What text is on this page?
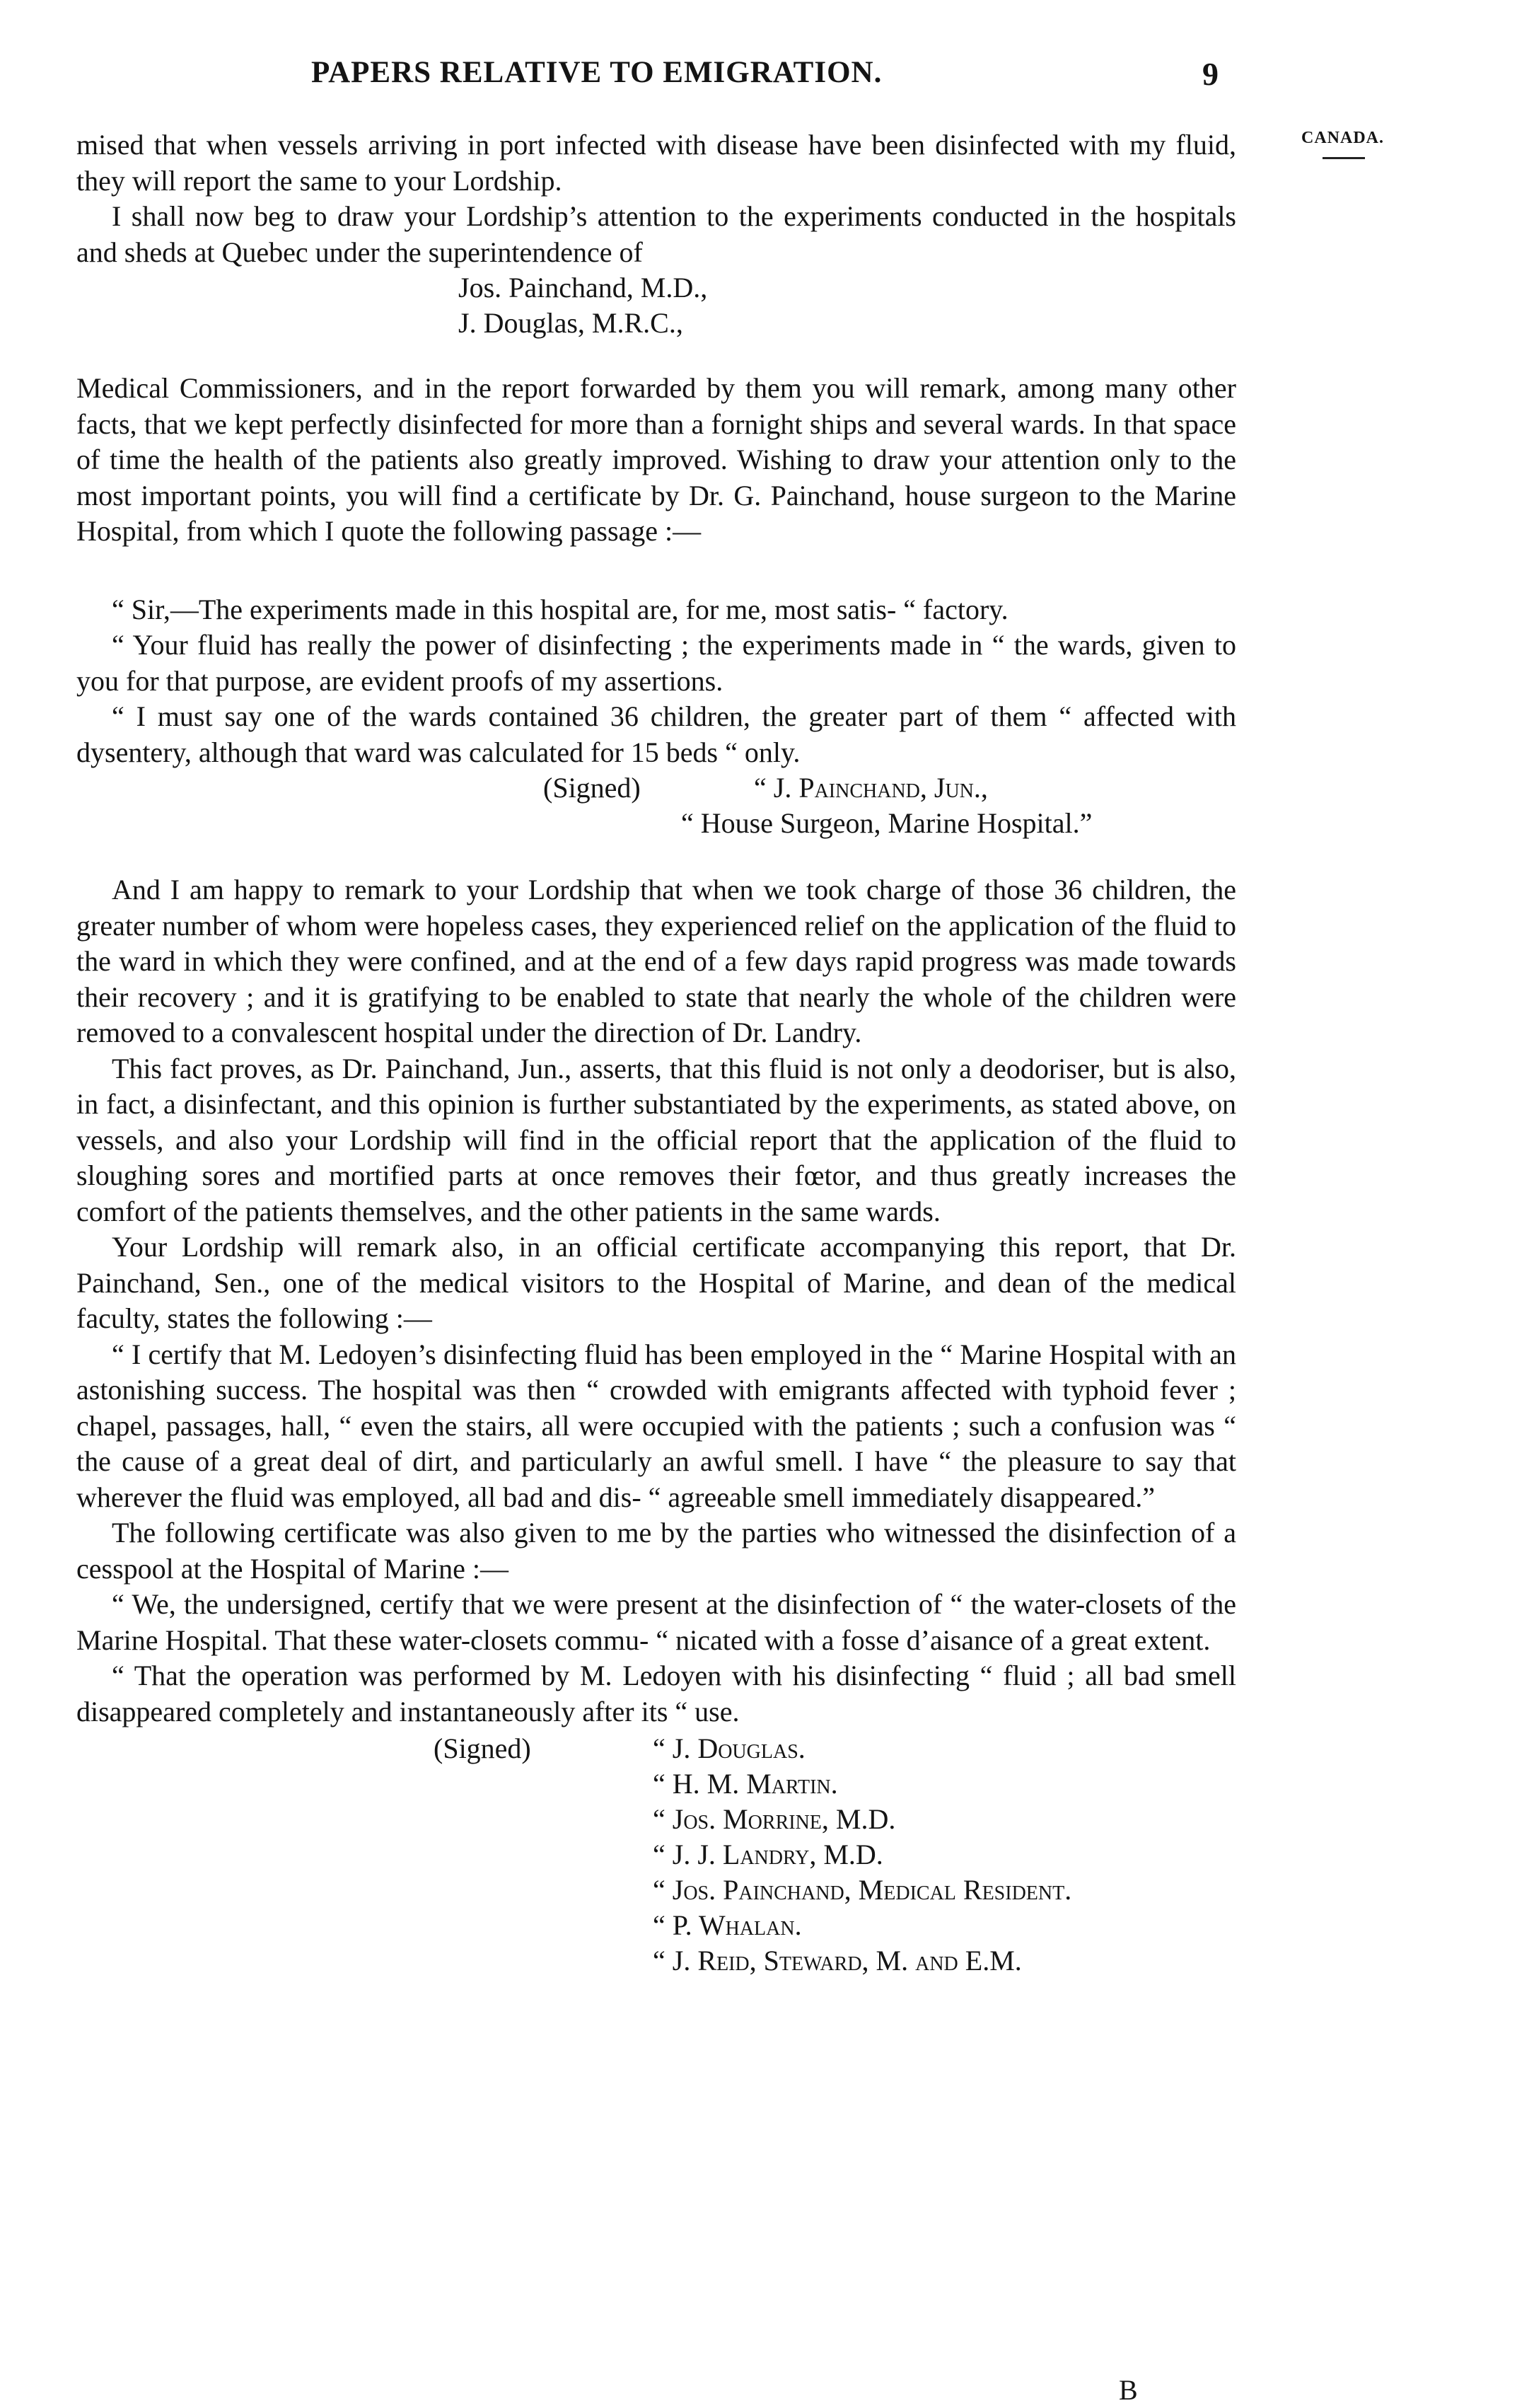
PAPERS RELATIVE TO EMIGRATION.	9
CANADA.

mised that when vessels arriving in port infected with disease have been disinfected with my fluid, they will report the same to your Lordship.

I shall now beg to draw your Lordship’s attention to the experiments conducted in the hospitals and sheds at Quebec under the superintendence of

Jos. Painchand, M.D.,
J. Douglas, M.R.C.,

Medical Commissioners, and in the report forwarded by them you will remark, among many other facts, that we kept perfectly disinfected for more than a fornight ships and several wards. In that space of time the health of the patients also greatly improved. Wishing to draw your attention only to the most important points, you will find a certificate by Dr. G. Painchand, house surgeon to the Marine Hospital, from which I quote the following passage :—

“ Sir,—The experiments made in this hospital are, for me, most satis- “ factory.

“ Your fluid has really the power of disinfecting ; the experiments made in “ the wards, given to you for that purpose, are evident proofs of my assertions.

“ I must say one of the wards contained 36 children, the greater part of them “ affected with dysentery, although that ward was calculated for 15 beds “ only.

(Signed)	“ J. Painchand, Jun.,
“ House Surgeon, Marine Hospital.”

And I am happy to remark to your Lordship that when we took charge of those 36 children, the greater number of whom were hopeless cases, they experienced relief on the application of the fluid to the ward in which they were confined, and at the end of a few days rapid progress was made towards their recovery ; and it is gratifying to be enabled to state that nearly the whole of the children were removed to a convalescent hospital under the direction of Dr. Landry.

This fact proves, as Dr. Painchand, Jun., asserts, that this fluid is not only a deodoriser, but is also, in fact, a disinfectant, and this opinion is further substantiated by the experiments, as stated above, on vessels, and also your Lordship will find in the official report that the application of the fluid to sloughing sores and mortified parts at once removes their fœtor, and thus greatly increases the comfort of the patients themselves, and the other patients in the same wards.

Your Lordship will remark also, in an official certificate accompanying this report, that Dr. Painchand, Sen., one of the medical visitors to the Hospital of Marine, and dean of the medical faculty, states the following :—

“ I certify that M. Ledoyen’s disinfecting fluid has been employed in the “ Marine Hospital with an astonishing success. The hospital was then “ crowded with emigrants affected with typhoid fever ; chapel, passages, hall, “ even the stairs, all were occupied with the patients ; such a confusion was “ the cause of a great deal of dirt, and particularly an awful smell. I have “ the pleasure to say that wherever the fluid was employed, all bad and dis- “ agreeable smell immediately disappeared.”

The following certificate was also given to me by the parties who witnessed the disinfection of a cesspool at the Hospital of Marine :—

“ We, the undersigned, certify that we were present at the disinfection of “ the water-closets of the Marine Hospital. That these water-closets commu- “ nicated with a fosse d’aisance of a great extent.

“ That the operation was performed by M. Ledoyen with his disinfecting “ fluid ; all bad smell disappeared completely and instantaneously after its “ use.

(Signed)	“ J. Douglas.
“ H. M. Martin.
“ Jos. Morrine, M.D.
“ J. J. Landry, M.D.
“ Jos. Painchand, Medical Resident.
“ P. Whalan.
“ J. Reid, Steward, M. and E.M.
B
